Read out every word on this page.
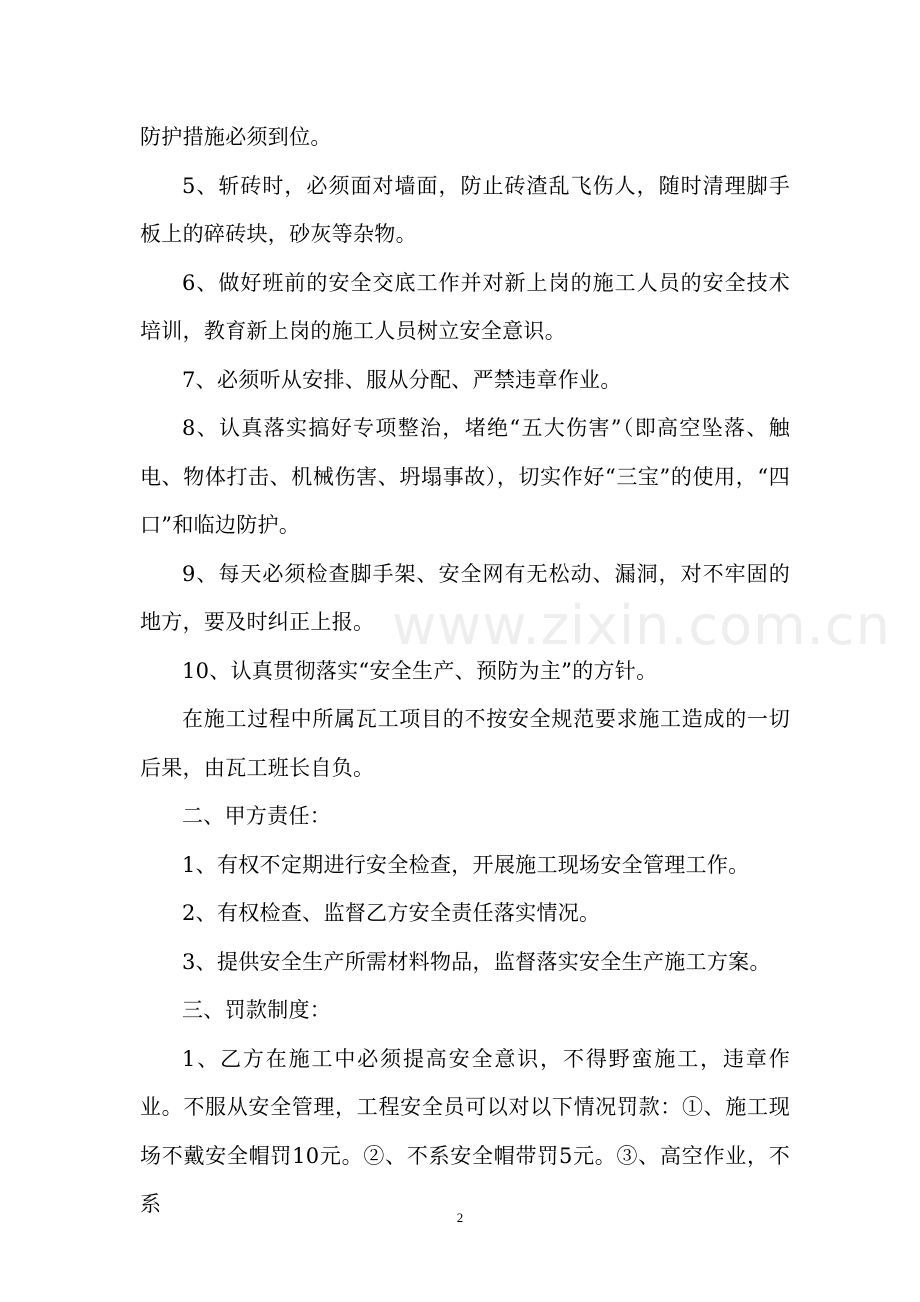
防护措施必须到位。

5、斩砖时，必须面对墙面，防止砖渣乱飞伤人，随时清理脚手板上的碎砖块，砂灰等杂物。

6、做好班前的安全交底工作并对新上岗的施工人员的安全技术培训，教育新上岗的施工人员树立安全意识。

7、必须听从安排、服从分配、严禁违章作业。

8、认真落实搞好专项整治，堵绝“五大伤害”（即高空坠落、触电、物体打击、机械伤害、坍塌事故），切实作好“三宝”的使用，“四口”和临边防护。

9、每天必须检查脚手架、安全网有无松动、漏洞，对不牢固的地方，要及时纠正上报。

10、认真贯彻落实“安全生产、预防为主”的方针。

在施工过程中所属瓦工项目的不按安全规范要求施工造成的一切后果，由瓦工班长自负。

二、甲方责任：

1、有权不定期进行安全检查，开展施工现场安全管理工作。

2、有权检查、监督乙方安全责任落实情况。

3、提供安全生产所需材料物品，监督落实安全生产施工方案。

三、罚款制度：

1、乙方在施工中必须提高安全意识，不得野蛮施工，违章作业。不服从安全管理，工程安全员可以对以下情况罚款：①、施工现场不戴安全帽罚10元。②、不系安全帽带罚5元。③、高空作业，不系

www.zixin.com.cn
2
